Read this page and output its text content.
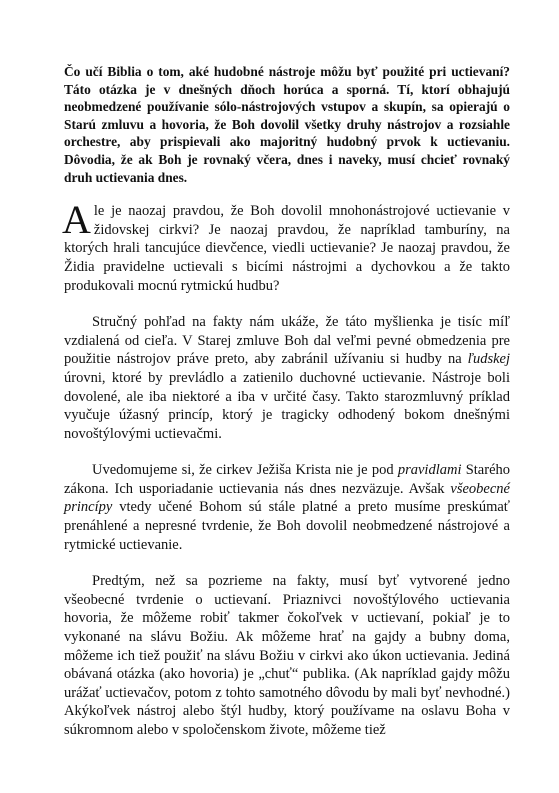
Čo učí Biblia o tom, aké hudobné nástroje môžu byť použité pri uctievaní? Táto otázka je v dnešných dňoch horúca a sporná. Tí, ktorí obhajujú neobmedzené používanie sólo-nástrojových vstupov a skupín, sa opierajú o Starú zmluvu a hovoria, že Boh dovolil všetky druhy nástrojov a rozsiahle orchestre, aby prispievali ako majoritný hudobný prvok k uctievaniu. Dôvodia, že ak Boh je rovnaký včera, dnes i naveky, musí chcieť rovnaký druh uctievania dnes.

Ale je naozaj pravdou, že Boh dovolil mnohonástrojové uctievanie v židovskej cirkvi? Je naozaj pravdou, že napríklad tamburíny, na ktorých hrali tancujúce dievčence, viedli uctievanie? Je naozaj pravdou, že Židia pravidelne uctievali s bicími nástrojmi a dychovkou a že takto produkovali mocnú rytmickú hudbu?

Stručný pohľad na fakty nám ukáže, že táto myšlienka je tisíc míľ vzdialená od cieľa. V Starej zmluve Boh dal veľmi pevné obmedzenia pre použitie nástrojov práve preto, aby zabránil užívaniu si hudby na ľudskej úrovni, ktoré by prevládlo a zatienilo duchovné uctievanie. Nástroje boli dovolené, ale iba niektoré a iba v určité časy. Takto starozmluvný príklad vyučuje úžasný princíp, ktorý je tragicky odhodený bokom dnešnými novoštýlovými uctievačmi.

Uvedomujeme si, že cirkev Ježiša Krista nie je pod pravidlami Starého zákona. Ich usporiadanie uctievania nás dnes nezväzuje. Avšak všeobecné princípy vtedy učené Bohom sú stále platné a preto musíme preskúmať prenáhlené a nepresné tvrdenie, že Boh dovolil neobmedzené nástrojové a rytmické uctievanie.

Predtým, než sa pozrieme na fakty, musí byť vytvorené jedno všeobecné tvrdenie o uctievaní. Priaznivci novoštýlového uctievania hovoria, že môžeme robiť takmer čokoľvek v uctievaní, pokiaľ je to vykonané na slávu Božiu. Ak môžeme hrať na gajdy a bubny doma, môžeme ich tiež použiť na slávu Božiu v cirkvi ako úkon uctievania. Jediná obávaná otázka (ako hovoria) je „chuť“ publika. (Ak napríklad gajdy môžu urážať uctievačov, potom z tohto samotného dôvodu by mali byť nevhodné.) Akýkoľvek nástroj alebo štýl hudby, ktorý používame na oslavu Boha v súkromnom alebo v spoločenskom živote, môžeme tiež
